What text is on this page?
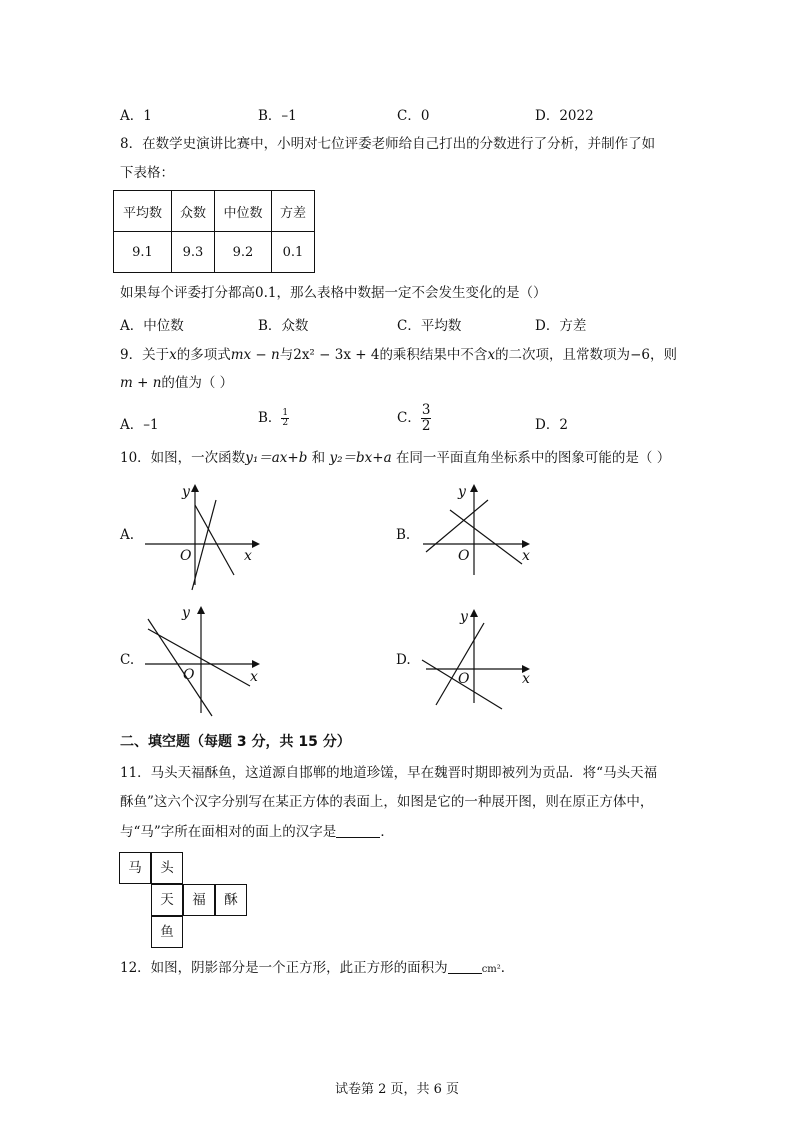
A．1	B．–1	C．0	D．2022
8．在数学史演讲比赛中，小明对七位评委老师给自己打出的分数进行了分析，并制作了如
下表格：
平均数	众数	中位数	方差
9.1	9.3	9.2	0.1
如果每个评委打分都高0.1，那么表格中数据一定不会发生变化的是（）
A．中位数	B．众数	C．平均数	D．方差
9．关于x的多项式mx − n与2x² − 3x + 4的乘积结果中不含x的二次项，且常数项为−6，则
m + n的值为（ ）
A．–1	B． $\frac{1}{2}$	C． $\frac{3}{2}$	D．2
10．如图，一次函数y₁＝ax+b 和 y₂＝bx+a 在同一平面直角坐标系中的图象可能的是（ ）
A.	B.
C.	D.
x
y
O	x
y
O
x
y
O	x
y
O
二、填空题（每题 3 分，共 15 分）
11．马头天福酥鱼，这道源自邯郸的地道珍馐，早在魏晋时期即被列为贡品．将“马头天福
酥鱼”这六个汉字分别写在某正方体的表面上，如图是它的一种展开图，则在原正方体中，
与“马”字所在面相对的面上的汉字是	．
马	头
天	福	酥
鱼
12．如图，阴影部分是一个正方形，此正方形的面积为	cm²．
试卷第 2 页，共 6 页
